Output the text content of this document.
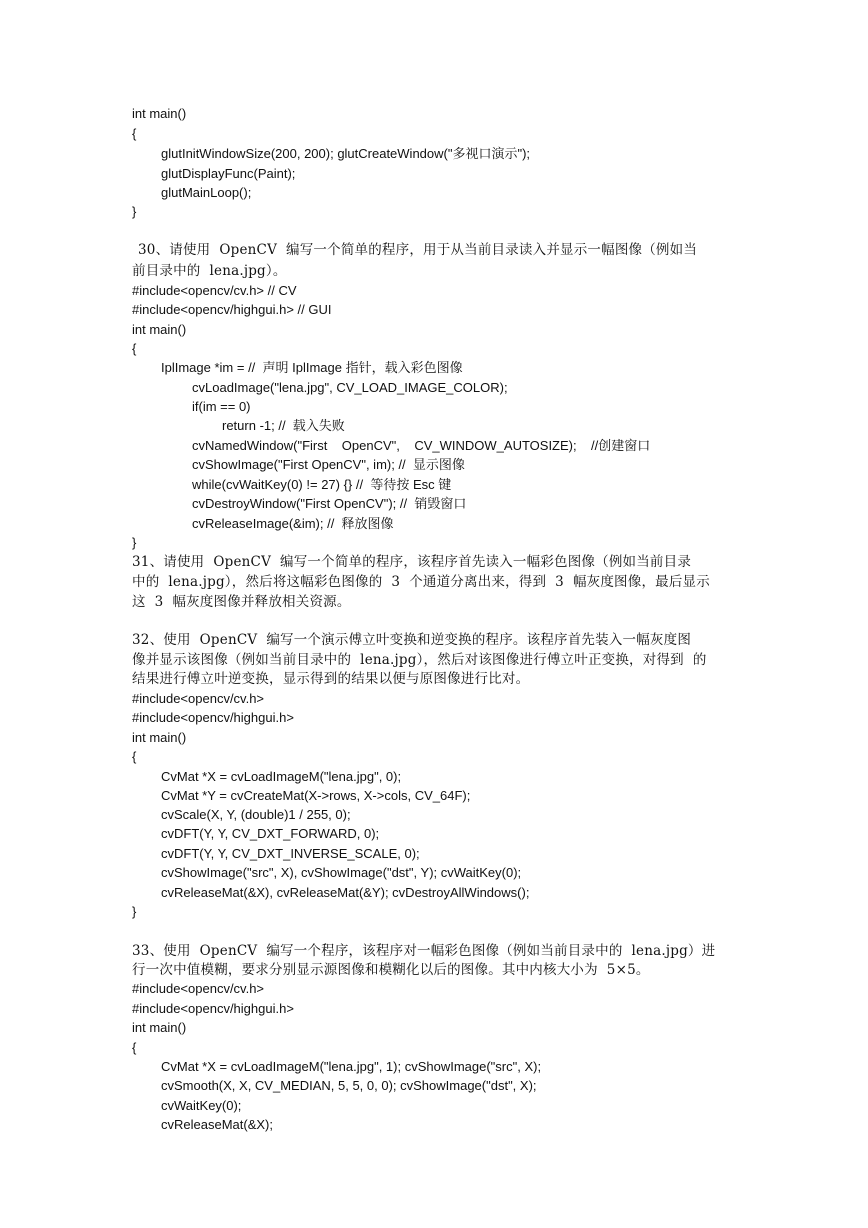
int main()
{
glutInitWindowSize(200, 200); glutCreateWindow("多视口演示");
glutDisplayFunc(Paint);
glutMainLoop();
}
30、请使用  OpenCV  编写一个简单的程序，用于从当前目录读入并显示一幅图像（例如当
前目录中的  lena.jpg）。
#include<opencv/cv.h> // CV
#include<opencv/highgui.h> // GUI
int main()
{
IplImage *im = //  声明 IplImage 指针，载入彩色图像
cvLoadImage("lena.jpg", CV_LOAD_IMAGE_COLOR);
if(im == 0)
return -1; //  载入失败
cvNamedWindow("First    OpenCV",    CV_WINDOW_AUTOSIZE);    //创建窗口
cvShowImage("First OpenCV", im); //  显示图像
while(cvWaitKey(0) != 27) {} //  等待按 Esc 键
cvDestroyWindow("First OpenCV"); //  销毁窗口
cvReleaseImage(&im); //  释放图像
}
31、请使用  OpenCV  编写一个简单的程序，该程序首先读入一幅彩色图像（例如当前目录
中的  lena.jpg），然后将这幅彩色图像的  3  个通道分离出来，得到  3  幅灰度图像，最后显示
这  3  幅灰度图像并释放相关资源。
32、使用  OpenCV  编写一个演示傅立叶变换和逆变换的程序。该程序首先装入一幅灰度图
像并显示该图像（例如当前目录中的  lena.jpg），然后对该图像进行傅立叶正变换，对得到  的
结果进行傅立叶逆变换，显示得到的结果以便与原图像进行比对。
#include<opencv/cv.h>
#include<opencv/highgui.h>
int main()
{
CvMat *X = cvLoadImageM("lena.jpg", 0);
CvMat *Y = cvCreateMat(X->rows, X->cols, CV_64F);
cvScale(X, Y, (double)1 / 255, 0);
cvDFT(Y, Y, CV_DXT_FORWARD, 0);
cvDFT(Y, Y, CV_DXT_INVERSE_SCALE, 0);
cvShowImage("src", X), cvShowImage("dst", Y); cvWaitKey(0);
cvReleaseMat(&X), cvReleaseMat(&Y); cvDestroyAllWindows();
}
33、使用  OpenCV  编写一个程序，该程序对一幅彩色图像（例如当前目录中的  lena.jpg）进
行一次中值模糊，要求分别显示源图像和模糊化以后的图像。其中内核大小为  5×5。
#include<opencv/cv.h>
#include<opencv/highgui.h>
int main()
{
CvMat *X = cvLoadImageM("lena.jpg", 1); cvShowImage("src", X);
cvSmooth(X, X, CV_MEDIAN, 5, 5, 0, 0); cvShowImage("dst", X);
cvWaitKey(0);
cvReleaseMat(&X);
